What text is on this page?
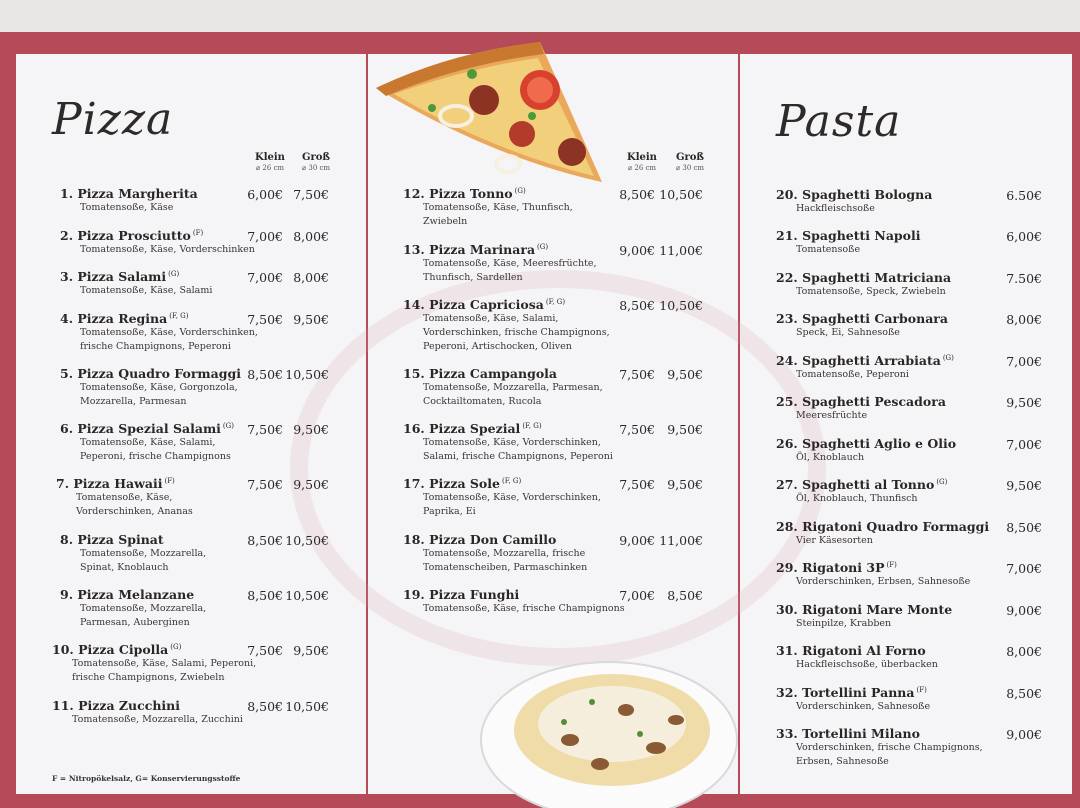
Pizza	Pasta
Klein
⌀ 26 cm
Groß
⌀ 30 cm
Klein
⌀ 26 cm
Groß
⌀ 30 cm
1. Pizza Margherita
Tomatensoße, Käse
6,00€ 7,50€
2. Pizza Prosciutto $^{(F)}$
Tomatensoße, Käse, Vorderschinken
7,00€ 8,00€
3. Pizza Salami $^{(G)}$
Tomatensoße, Käse, Salami
7,00€ 8,00€
4. Pizza Regina $^{(F, G)}$
Tomatensoße, Käse, Vorderschinken,
frische Champignons, Peperoni
7,50€ 9,50€
5. Pizza Quadro Formaggi
Tomatensoße, Käse, Gorgonzola,
Mozzarella, Parmesan
8,50€ 10,50€
6. Pizza Spezial Salami $^{(G)}$
Tomatensoße, Käse, Salami,
Peperoni, frische Champignons
7,50€ 9,50€
7. Pizza Hawaii $^{(F)}$
Tomatensoße, Käse,
Vorderschinken, Ananas
7,50€ 9,50€
8. Pizza Spinat
Tomatensoße, Mozzarella,
Spinat, Knoblauch
8,50€ 10,50€
9. Pizza Melanzane
Tomatensoße, Mozzarella,
Parmesan, Auberginen
8,50€ 10,50€
10. Pizza Cipolla $^{(G)}$
Tomatensoße, Käse, Salami, Peperoni,
frische Champignons, Zwiebeln
7,50€ 9,50€
11. Pizza Zucchini
Tomatensoße, Mozzarella, Zucchini
8,50€ 10,50€
12. Pizza Tonno $^{(G)}$
Tomatensoße, Käse, Thunfisch,
Zwiebeln
8,50€ 10,50€
13. Pizza Marinara $^{(G)}$
Tomatensoße, Käse, Meeresfrüchte,
Thunfisch, Sardellen
9,00€ 11,00€
14. Pizza Capriciosa $^{(F, G)}$
Tomatensoße, Käse, Salami,
Vorderschinken, frische Champignons,
Peperoni, Artischocken, Oliven
8,50€ 10,50€
15. Pizza Campangola
Tomatensoße, Mozzarella, Parmesan,
Cocktailtomaten, Rucola
7,50€ 9,50€
16. Pizza Spezial $^{(F, G)}$
Tomatensoße, Käse, Vorderschinken,
Salami, frische Champignons, Peperoni
7,50€ 9,50€
17. Pizza Sole $^{(F, G)}$
Tomatensoße, Käse, Vorderschinken,
Paprika, Ei
7,50€ 9,50€
18. Pizza Don Camillo
Tomatensoße, Mozzarella, frische
Tomatenscheiben, Parmaschinken
9,00€ 11,00€
19. Pizza Funghi
Tomatensoße, Käse, frische Champignons
7,00€ 8,50€
20. Spaghetti Bologna
Hackfleischsoße
6.50€
21. Spaghetti Napoli
Tomatensoße
6,00€
22. Spaghetti Matriciana
Tomatensoße, Speck, Zwiebeln
7.50€
23. Spaghetti Carbonara
Speck, Ei, Sahnesoße
8,00€
24. Spaghetti Arrabiata $^{(G)}$
Tomatensoße, Peperoni
7,00€
25. Spaghetti Pescadora
Meeresfrüchte
9,50€
26. Spaghetti Aglio e Olio
Öl, Knoblauch
7,00€
27. Spaghetti al Tonno $^{(G)}$
Öl, Knoblauch, Thunfisch
9,50€
28. Rigatoni Quadro Formaggi
Vier Käsesorten
8,50€
29. Rigatoni 3P $^{(F)}$
Vorderschinken, Erbsen, Sahnesoße
7,00€
30. Rigatoni Mare Monte
Steinpilze, Krabben
9,00€
31. Rigatoni Al Forno
Hackfleischsoße, überbacken
8,00€
32. Tortellini Panna $^{(F)}$
Vorderschinken, Sahnesoße
8,50€
33. Tortellini Milano
Vorderschinken, frische Champignons,
Erbsen, Sahnesoße
9,00€
F = Nitropökelsalz, G= Konservierungsstoffe
